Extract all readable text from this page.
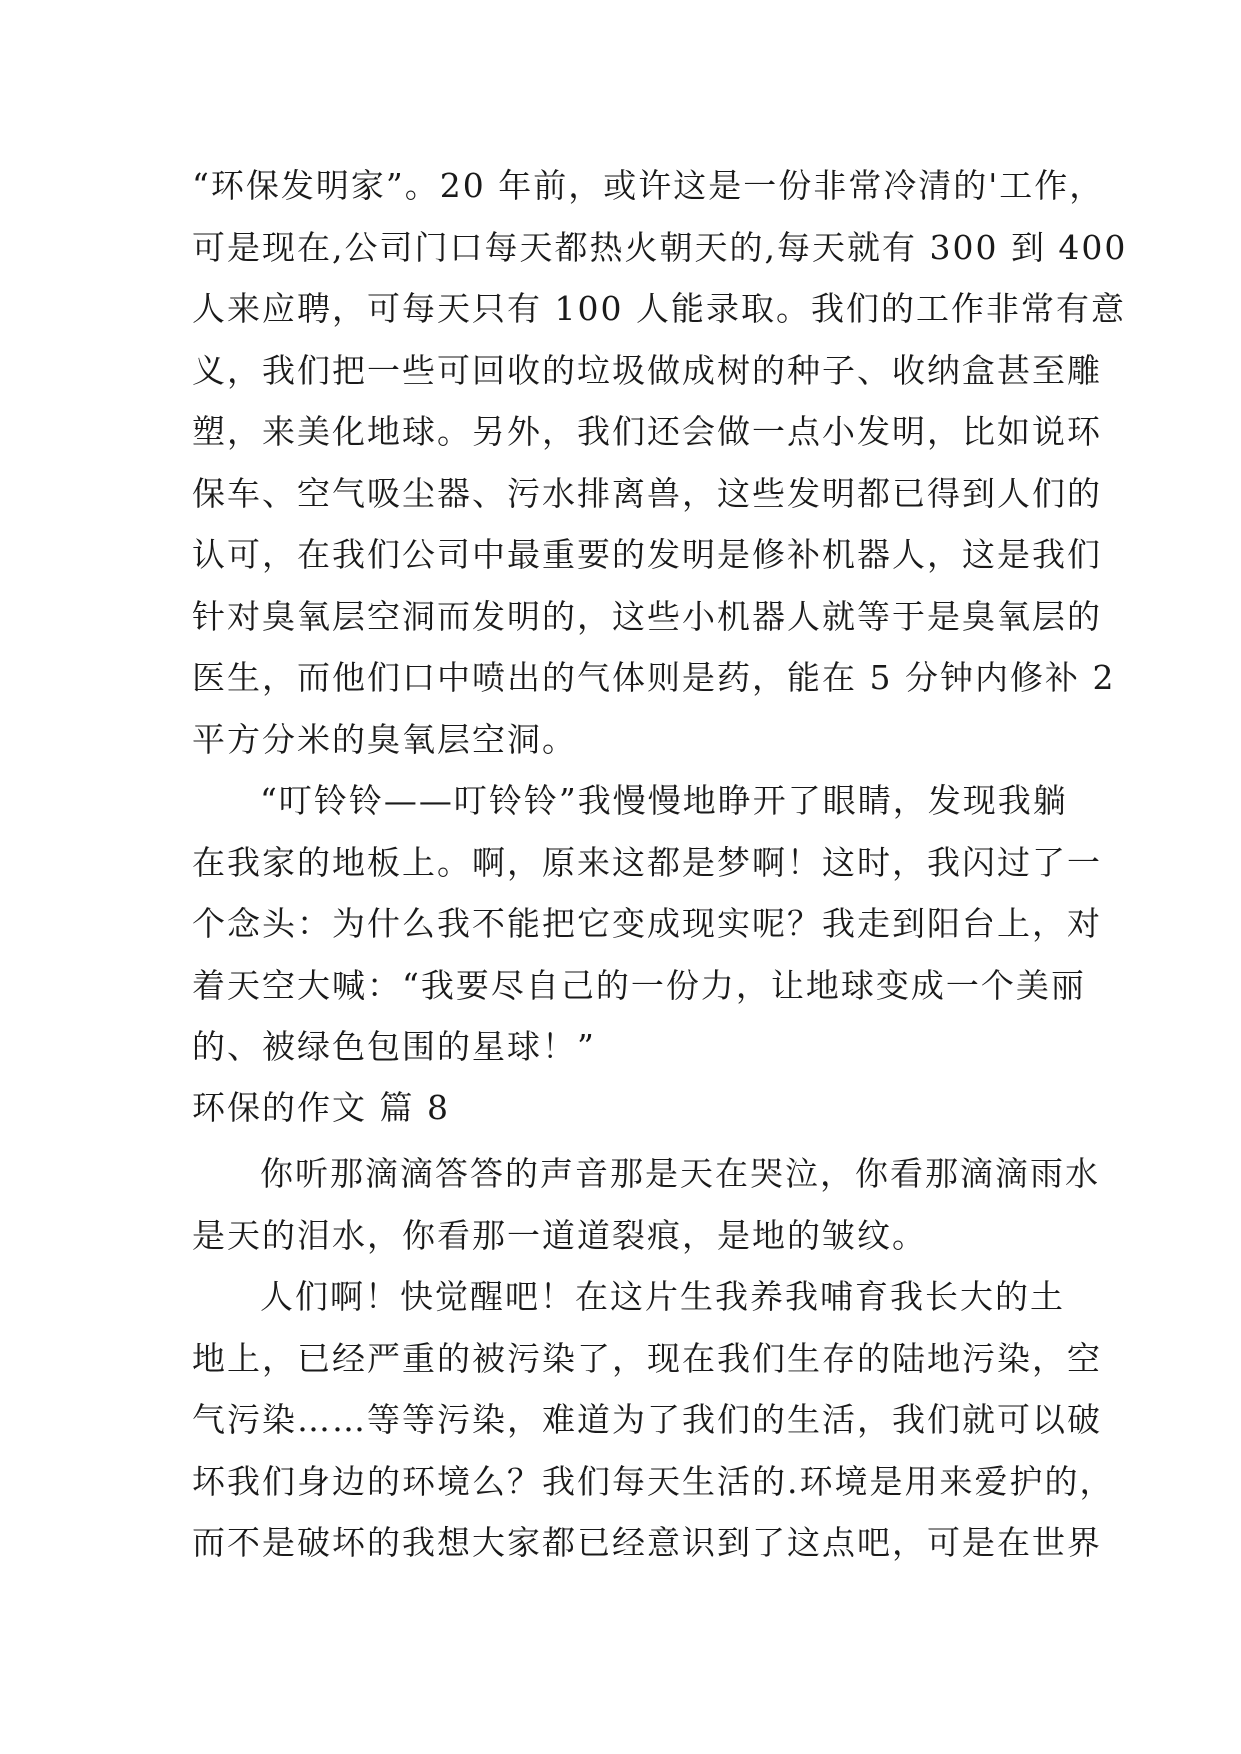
“环保发明家”。20 年前，或许这是一份非常冷清的'工作，
可是现在,公司门口每天都热火朝天的,每天就有 300 到 400
人来应聘，可每天只有 100 人能录取。我们的工作非常有意
义，我们把一些可回收的垃圾做成树的种子、收纳盒甚至雕
塑，来美化地球。另外，我们还会做一点小发明，比如说环
保车、空气吸尘器、污水排离兽，这些发明都已得到人们的
认可，在我们公司中最重要的发明是修补机器人，这是我们
针对臭氧层空洞而发明的，这些小机器人就等于是臭氧层的
医生，而他们口中喷出的气体则是药，能在 5 分钟内修补 2
平方分米的臭氧层空洞。
“叮铃铃——叮铃铃”我慢慢地睁开了眼睛，发现我躺
在我家的地板上。啊，原来这都是梦啊！这时，我闪过了一
个念头：为什么我不能把它变成现实呢？我走到阳台上，对
着天空大喊：“我要尽自己的一份力，让地球变成一个美丽
的、被绿色包围的星球！”
环保的作文 篇 8
你听那滴滴答答的声音那是天在哭泣，你看那滴滴雨水
是天的泪水，你看那一道道裂痕，是地的皱纹。
人们啊！快觉醒吧！在这片生我养我哺育我长大的土
地上，已经严重的被污染了，现在我们生存的陆地污染，空
气污染……等等污染，难道为了我们的生活，我们就可以破
坏我们身边的环境么？我们每天生活的.环境是用来爱护的，
而不是破坏的我想大家都已经意识到了这点吧，可是在世界
